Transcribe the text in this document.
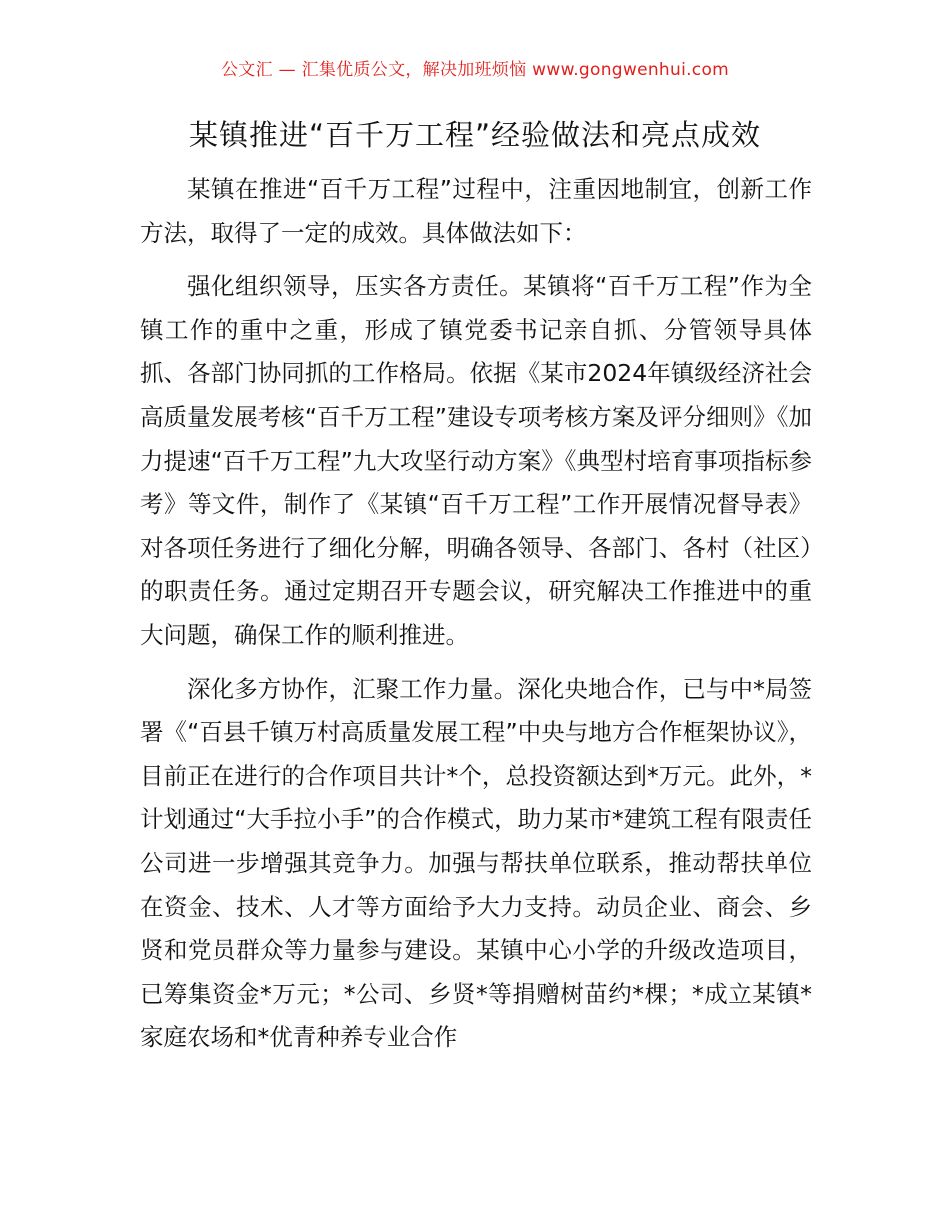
公文汇 — 汇集优质公文，解决加班烦恼 www.gongwenhui.com
某镇推进“百千万工程”经验做法和亮点成效

某镇在推进“百千万工程”过程中，注重因地制宜，创新工作方法，取得了一定的成效。具体做法如下：

强化组织领导，压实各方责任。某镇将“百千万工程”作为全镇工作的重中之重，形成了镇党委书记亲自抓、分管领导具体抓、各部门协同抓的工作格局。依据《某市2024年镇级经济社会高质量发展考核“百千万工程”建设专项考核方案及评分细则》《加力提速“百千万工程”九大攻坚行动方案》《典型村培育事项指标参考》等文件，制作了《某镇“百千万工程”工作开展情况督导表》对各项任务进行了细化分解，明确各领导、各部门、各村（社区）的职责任务。通过定期召开专题会议，研究解决工作推进中的重大问题，确保工作的顺利推进。

深化多方协作，汇聚工作力量。深化央地合作，已与中*局签署《“百县千镇万村高质量发展工程”中央与地方合作框架协议》，目前正在进行的合作项目共计*个，总投资额达到*万元。此外，*计划通过“大手拉小手”的合作模式，助力某市*建筑工程有限责任公司进一步增强其竞争力。加强与帮扶单位联系，推动帮扶单位在资金、技术、人才等方面给予大力支持。动员企业、商会、乡贤和党员群众等力量参与建设。某镇中心小学的升级改造项目，已筹集资金*万元；*公司、乡贤*等捐赠树苗约*棵；*成立某镇*家庭农场和*优青种养专业合作
